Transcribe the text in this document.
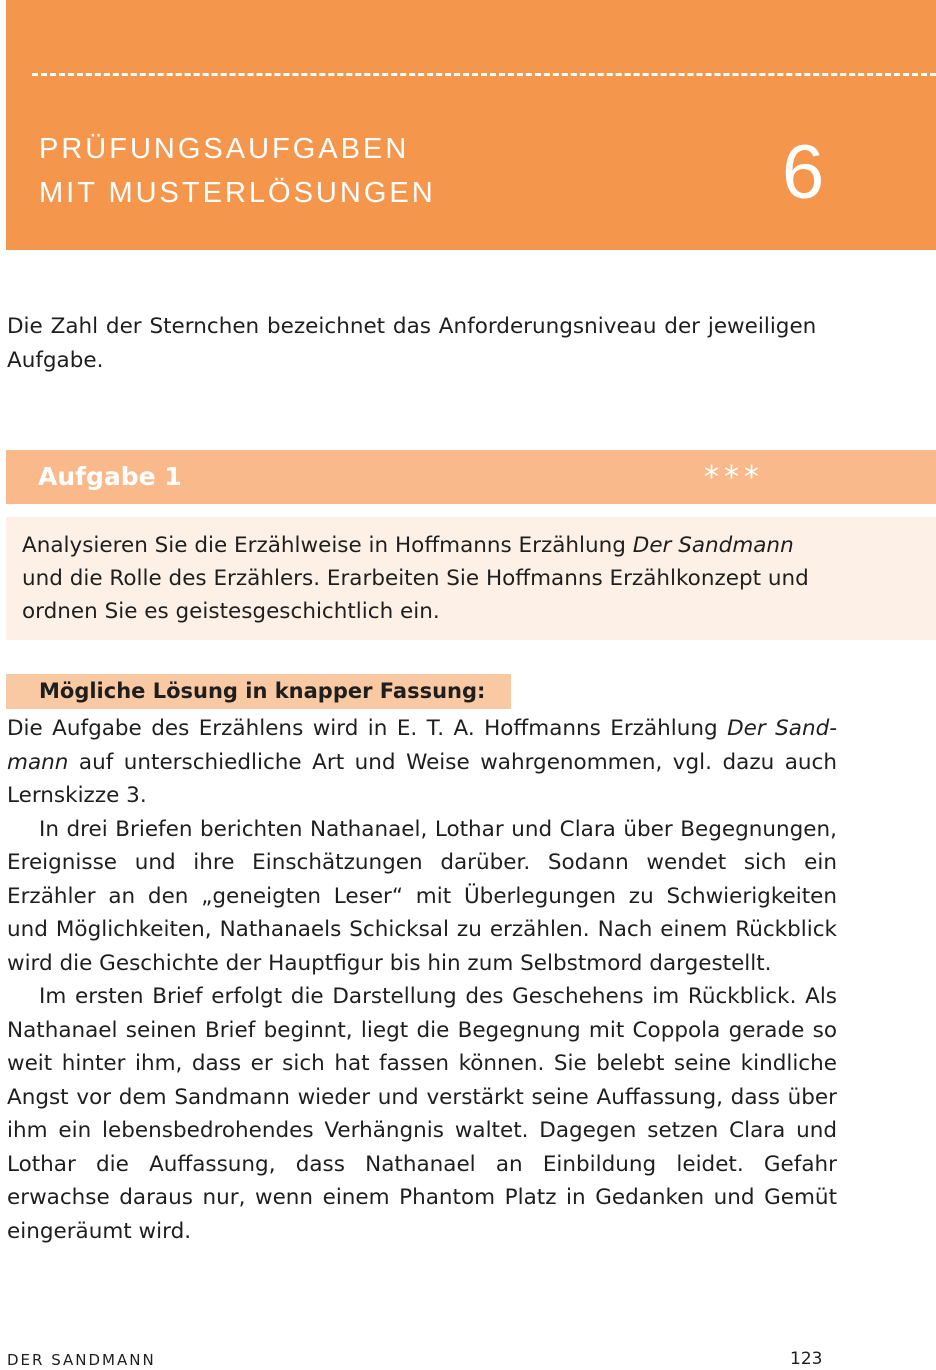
PRÜFUNGSAUFGABEN
MIT MUSTERLÖSUNGEN	6
Die Zahl der Sternchen bezeichnet das Anforderungsniveau der jeweiligen Aufgabe.
Aufgabe 1	***
Analysieren Sie die Erzählweise in Hoffmanns Erzählung Der Sandmann und die Rolle des Erzählers. Erarbeiten Sie Hoffmanns Erzählkonzept und ordnen Sie es geistesgeschichtlich ein.
Mögliche Lösung in knapper Fassung:

Die Aufgabe des Erzählens wird in E. T. A. Hoffmanns Erzählung Der Sandmann auf unterschiedliche Art und Weise wahrgenommen, vgl. dazu auch Lernskizze 3.

In drei Briefen berichten Nathanael, Lothar und Clara über Begegnungen, Ereignisse und ihre Einschätzungen darüber. Sodann wendet sich ein Erzähler an den „geneigten Leser“ mit Überlegungen zu Schwierigkeiten und Möglichkeiten, Nathanaels Schicksal zu erzählen. Nach einem Rückblick wird die Geschichte der Hauptfigur bis hin zum Selbstmord dargestellt.

Im ersten Brief erfolgt die Darstellung des Geschehens im Rückblick. Als Nathanael seinen Brief beginnt, liegt die Begegnung mit Coppola gerade so weit hinter ihm, dass er sich hat fassen können. Sie belebt seine kindliche Angst vor dem Sandmann wieder und verstärkt seine Auffassung, dass über ihm ein lebensbedrohendes Verhängnis waltet. Dagegen setzen Clara und Lothar die Auffassung, dass Nathanael an Einbildung leidet. Gefahr erwachse daraus nur, wenn einem Phantom Platz in Gedanken und Gemüt eingeräumt wird.

DER SANDMANN	123
